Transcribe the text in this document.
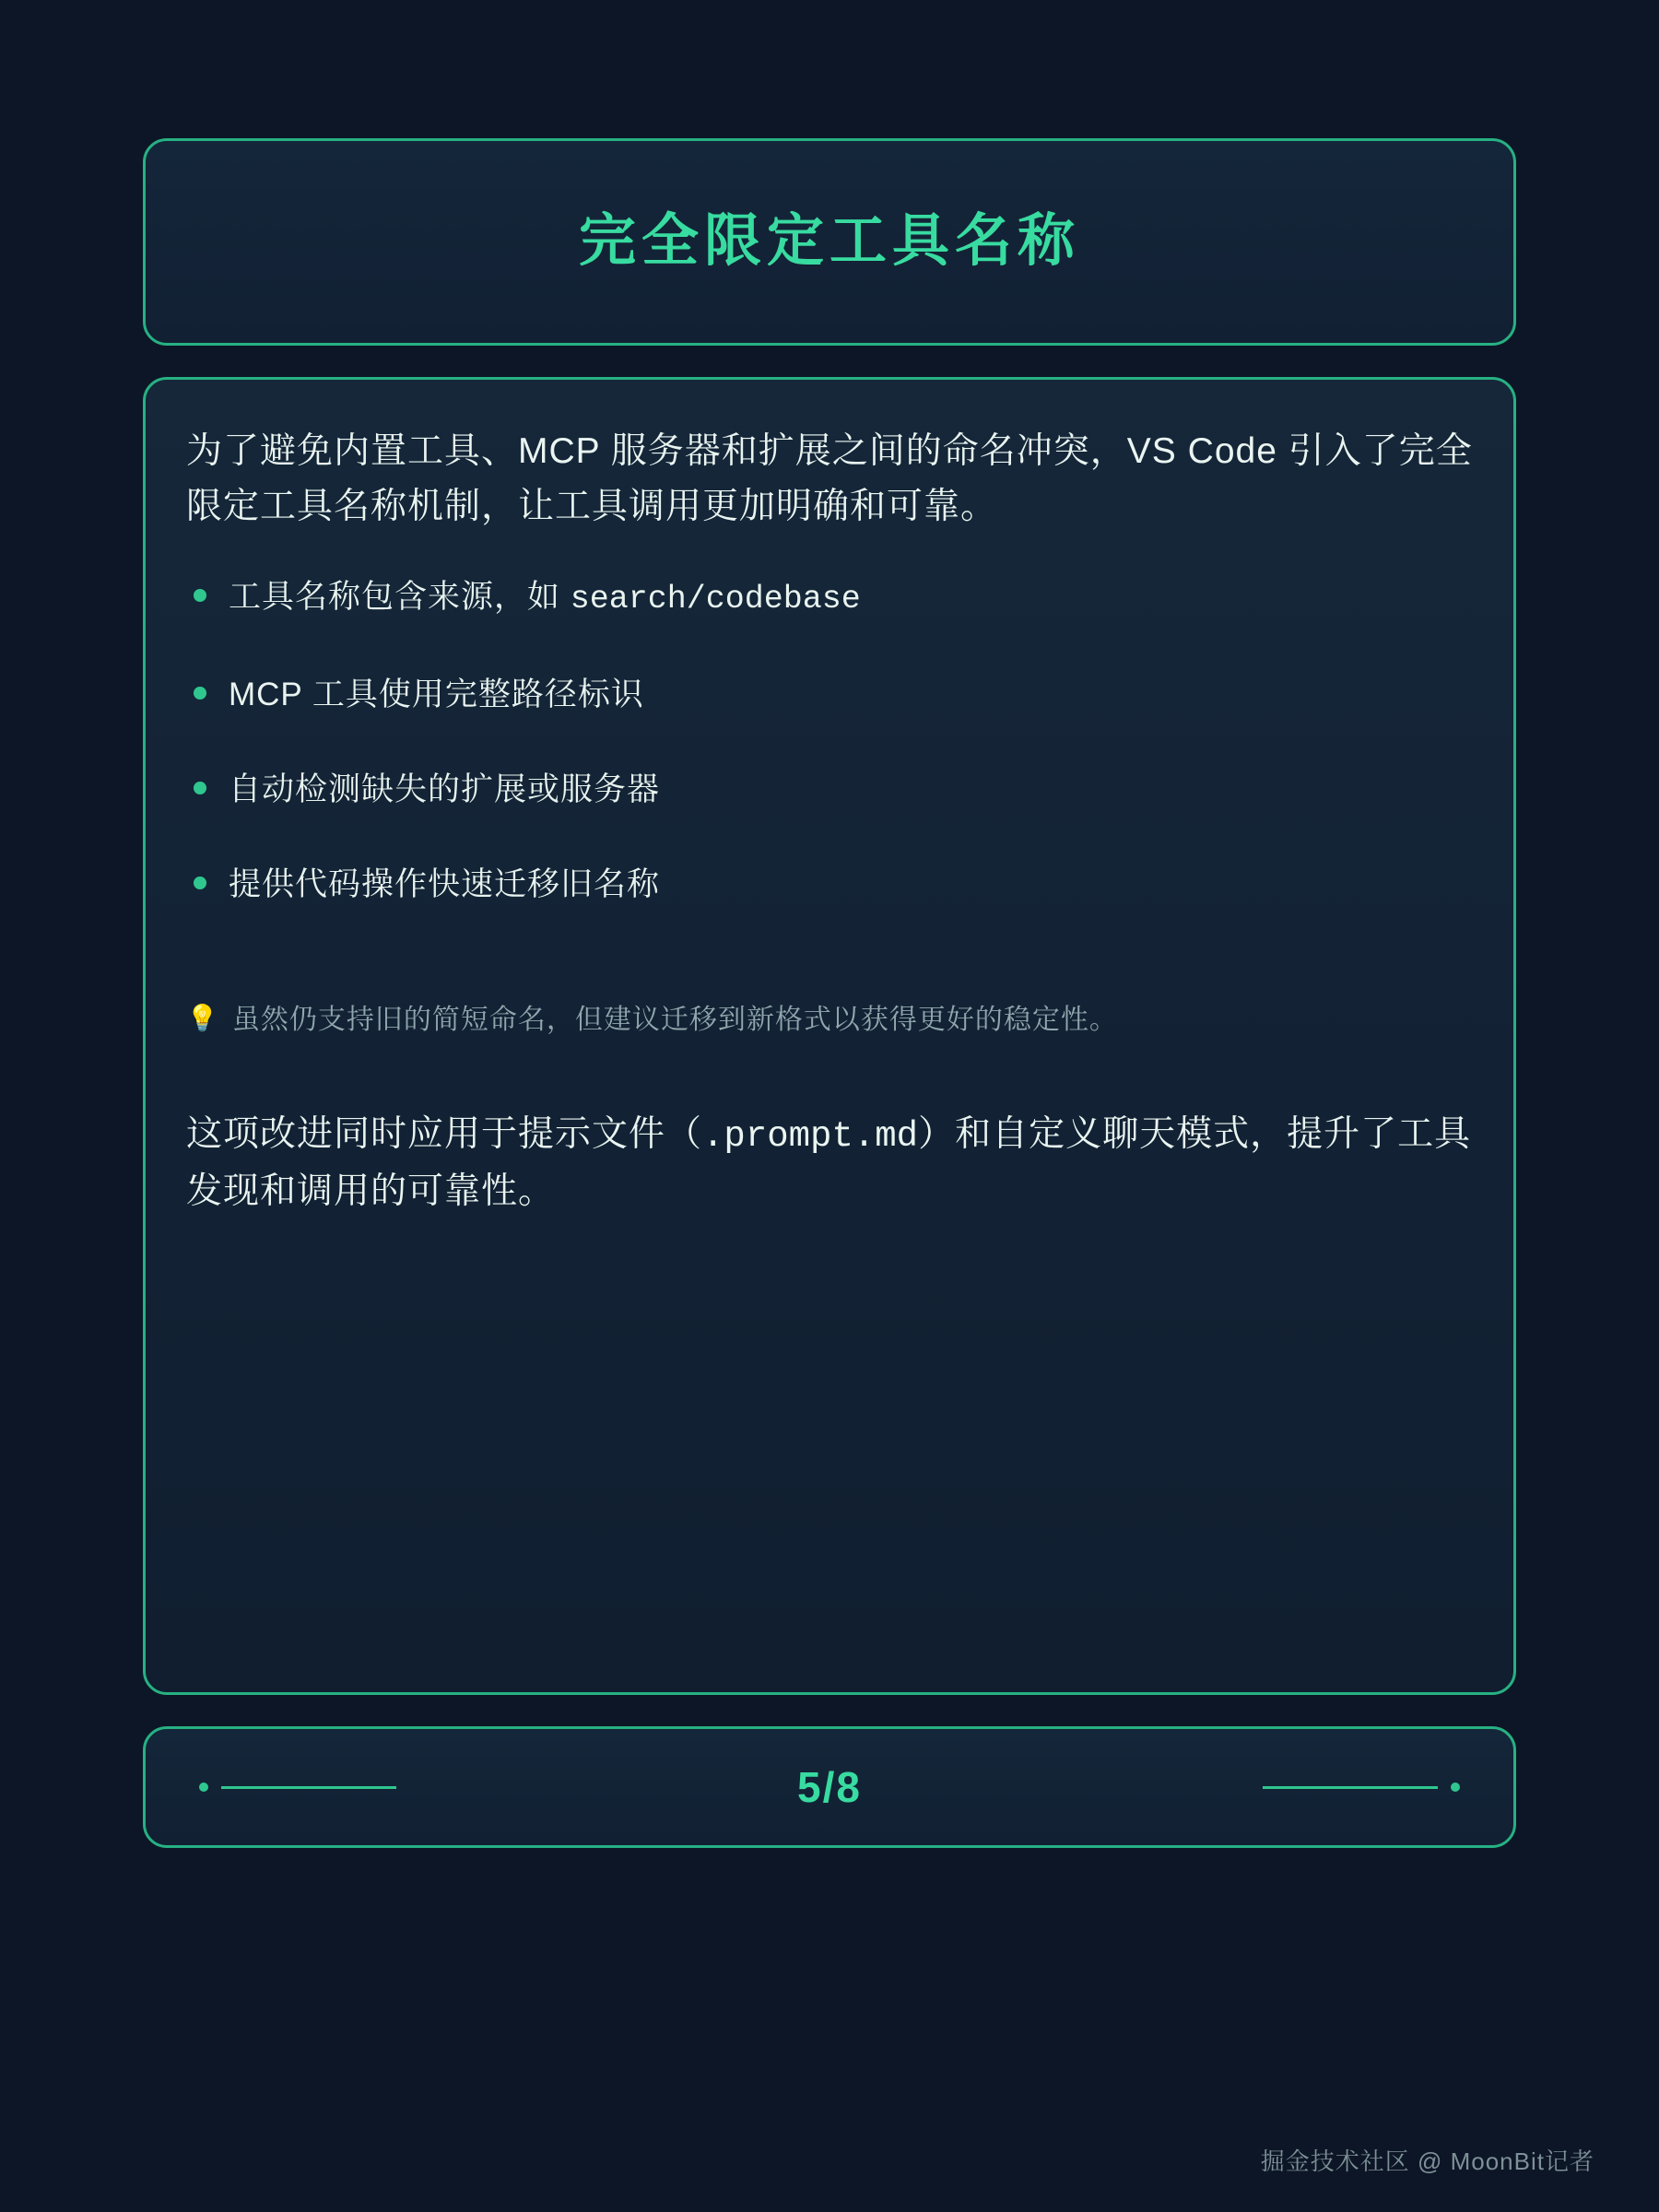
完全限定工具名称

为了避免内置工具、MCP 服务器和扩展之间的命名冲突，VS Code 引入了完全限定工具名称机制，让工具调用更加明确和可靠。

工具名称包含来源，如 search/codebase
MCP 工具使用完整路径标识
自动检测缺失的扩展或服务器
提供代码操作快速迁移旧名称
💡 虽然仍支持旧的简短命名，但建议迁移到新格式以获得更好的稳定性。

这项改进同时应用于提示文件（.prompt.md）和自定义聊天模式，提升了工具发现和调用的可靠性。

5/8
掘金技术社区 @ MoonBit记者
